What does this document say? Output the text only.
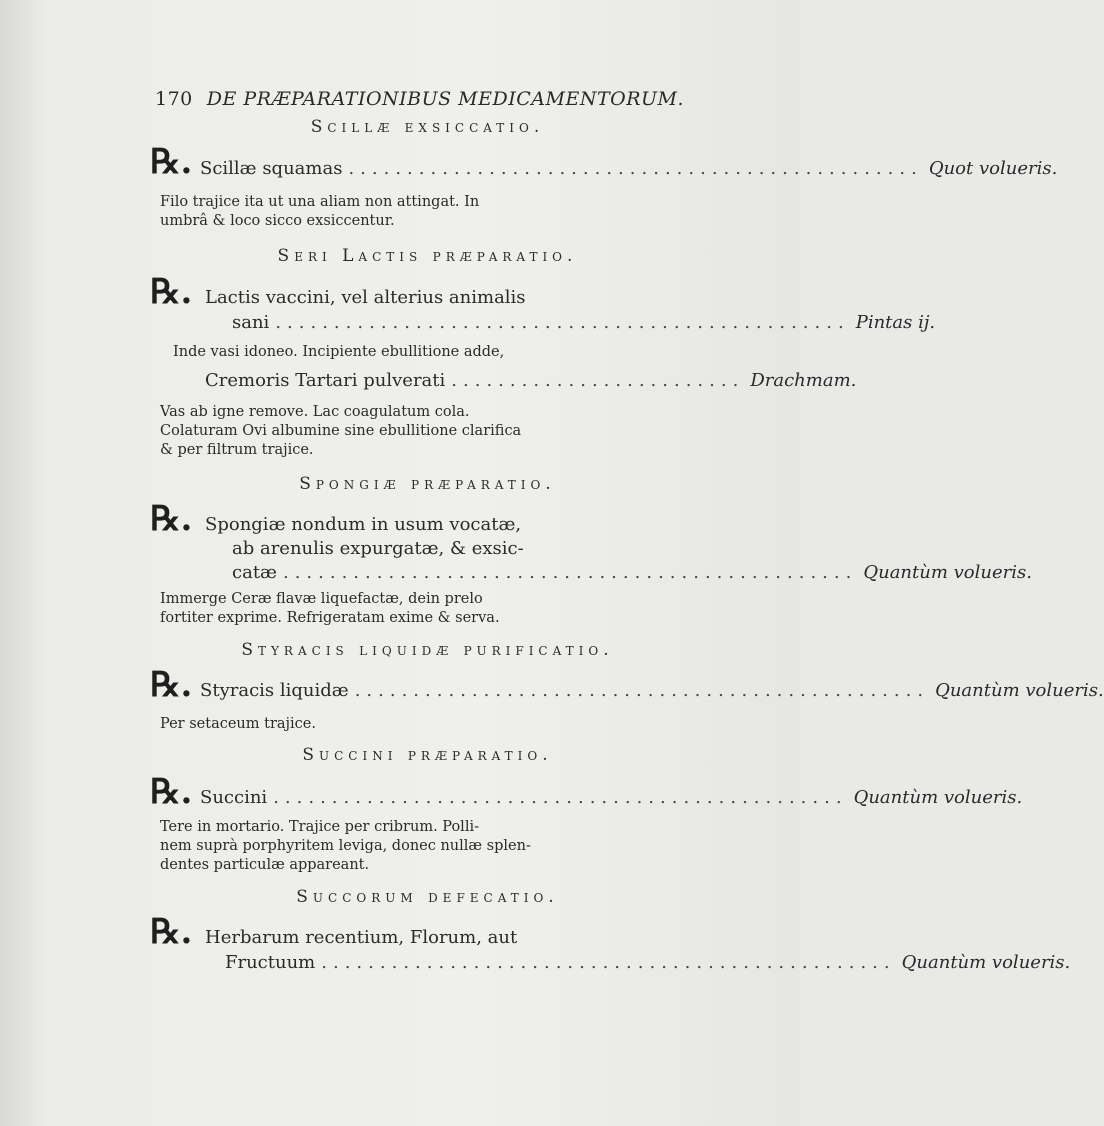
170 DE PRÆPARATIONIBUS MEDICAMENTORUM.
Scillæ exsiccatio.
℞. Scillæ squamas ................................................. Quot volueris.
Filo trajice ita ut una aliam non attingat. In
umbrâ & loco sicco exsiccentur.
Seri Lactis præparatio.
℞. Lactis vaccini, vel alterius animalis
sani ................................................. Pintas ij.
Inde vasi idoneo. Incipiente ebullitione adde,
Cremoris Tartari pulverati ......................... Drachmam.
Vas ab igne remove. Lac coagulatum cola.
Colaturam Ovi albumine sine ebullitione clarifica
& per filtrum trajice.
Spongiæ præparatio.
℞. Spongiæ nondum in usum vocatæ,
ab arenulis expurgatæ, & exsic-
catæ ................................................. Quantùm volueris.
Immerge Ceræ flavæ liquefactæ, dein prelo
fortiter exprime. Refrigeratam exime & serva.
Styracis liquidæ purificatio.
℞. Styracis liquidæ ................................................. Quantùm volueris.
Per setaceum trajice.
Succini præparatio.
℞. Succini ................................................. Quantùm volueris.
Tere in mortario. Trajice per cribrum. Polli-
nem suprà porphyritem leviga, donec nullæ splen-
dentes particulæ appareant.
Succorum defecatio.
℞. Herbarum recentium, Florum, aut
Fructuum ................................................. Quantùm volueris.
